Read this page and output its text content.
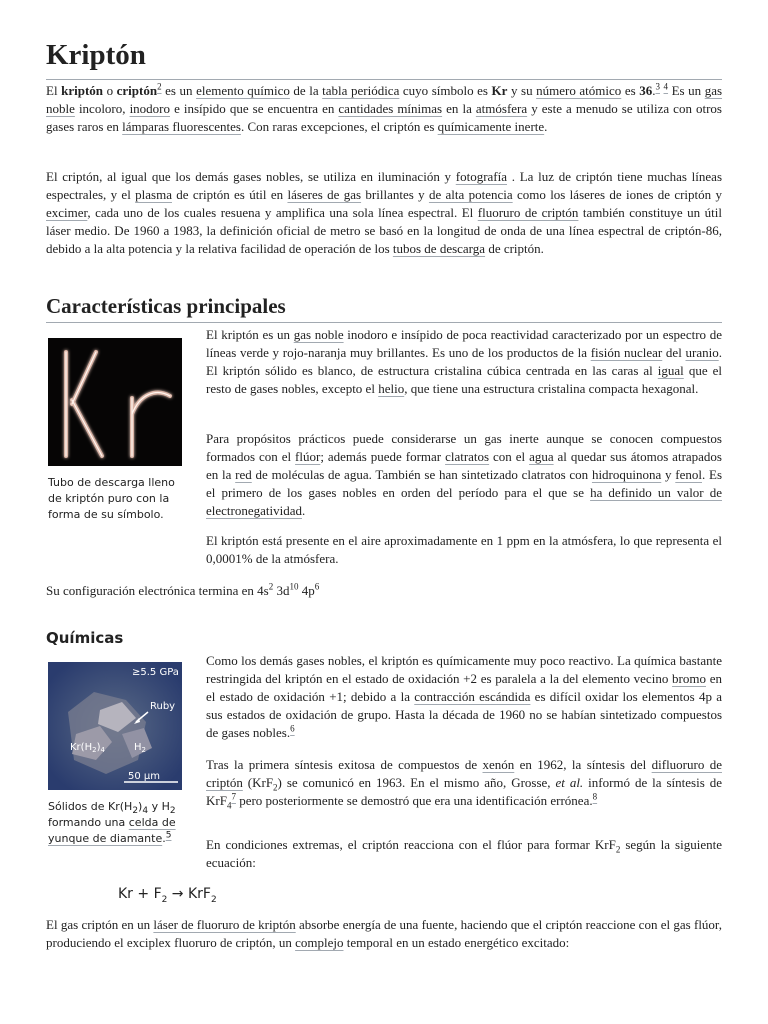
Kriptón

El kriptón o criptón$^2$ es un elemento químico de la tabla periódica cuyo símbolo es Kr y su número atómico es 36.$^3$ $^4$ Es un gas noble incoloro, inodoro e insípido que se encuentra en cantidades mínimas en la atmósfera y este a menudo se utiliza con otros gases raros en lámparas fluorescentes. Con raras excepciones, el criptón es químicamente inerte.

El criptón, al igual que los demás gases nobles, se utiliza en iluminación y fotografía . La luz de criptón tiene muchas líneas espectrales, y el plasma de criptón es útil en láseres de gas brillantes y de alta potencia como los láseres de iones de criptón y excimer, cada uno de los cuales resuena y amplifica una sola línea espectral. El fluoruro de criptón también constituye un útil láser medio. De 1960 a 1983, la definición oficial de metro se basó en la longitud de onda de una línea espectral de criptón-86, debido a la alta potencia y la relativa facilidad de operación de los tubos de descarga de criptón.

Características principales
Tubo de descarga lleno de kriptón puro con la forma de su símbolo.

El kriptón es un gas noble inodoro e insípido de poca reactividad caracterizado por un espectro de líneas verde y rojo-naranja muy brillantes. Es uno de los productos de la fisión nuclear del uranio. El kriptón sólido es blanco, de estructura cristalina cúbica centrada en las caras al igual que el resto de gases nobles, excepto el helio, que tiene una estructura cristalina compacta hexagonal.

Para propósitos prácticos puede considerarse un gas inerte aunque se conocen compuestos formados con el flúor; además puede formar clatratos con el agua al quedar sus átomos atrapados en la red de moléculas de agua. También se han sintetizado clatratos con hidroquinona y fenol. Es el primero de los gases nobles en orden del período para el que se ha definido un valor de electronegatividad.

El kriptón está presente en el aire aproximadamente en 1 ppm en la atmósfera, lo que representa el 0,0001% de la atmósfera.

Su configuración electrónica termina en $4s^2$ $3d^{10}$ $4p^6$

Químicas
≥5.5 GPa
Ruby
$Kr(H_2)_4$	$H_2$
50 µm
Sólidos de $Kr(H_2)_4$ y $H_2$ formando una celda de yunque de diamante.$^5$

Como los demás gases nobles, el kriptón es químicamente muy poco reactivo. La química bastante restringida del kriptón en el estado de oxidación +2 es paralela a la del elemento vecino bromo en el estado de oxidación +1; debido a la contracción escándida es difícil oxidar los elementos 4p a sus estados de oxidación de grupo. Hasta la década de 1960 no se habían sintetizado compuestos de gases nobles.$^6$

Tras la primera síntesis exitosa de compuestos de xenón en 1962, la síntesis del difluoruro de criptón (KrF$_2$) se comunicó en 1963. En el mismo año, Grosse, et al. informó de la síntesis de KrF$_4^7$ pero posteriormente se demostró que era una identificación errónea.$^8$

En condiciones extremas, el criptón reacciona con el flúor para formar KrF$_2$ según la siguiente ecuación:

$Kr + F_2 \to KrF_2$

El gas criptón en un láser de fluoruro de kriptón absorbe energía de una fuente, haciendo que el criptón reaccione con el gas flúor, produciendo el exciplex fluoruro de criptón, un complejo temporal en un estado energético excitado:
